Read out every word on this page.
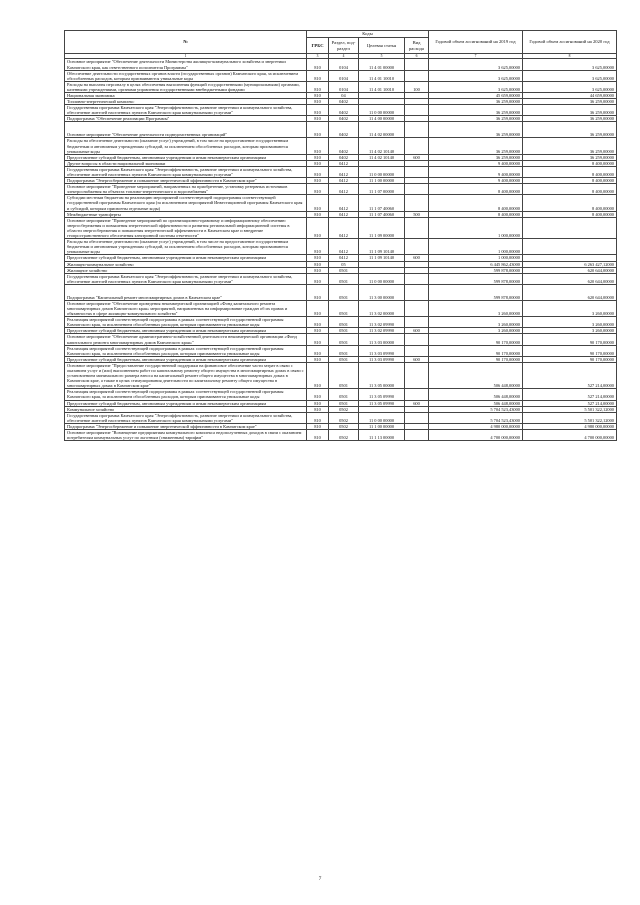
№	Коды				Годовой объем ассигнований на 2019 год	Годовой объем ассигнований на 2020 год
	ГРБС	Раздел, под-раздел	Целевая статья	Вид расхода		
1	3	4	5	6	7	8
Основное мероприятие "Обеспечение деятельности Министерства жилищно-коммунального хозяйства и энергетики Камчатского края, как ответственного исполнителя Программы"	810	0104	11 4 01 00000		3 625,00000	3 625,00000
Обеспечение деятельности государственных органов власти (государственных органов) Камчатского края, за исключением обособленных расходов, которым присваиваются уникальные коды	810	0104	11 4 01 10010		3 625,00000	3 625,00000
Расходы на выплаты персоналу в целях обеспечения выполнения функций государственными (муниципальными) органами, казенными учреждениями, органами управления государственными внебюджетными фондами	810	0104	11 4 01 10010	100	3 625,00000	3 625,00000
Национальная экономика	810	04			45 659,00000	44 659,00000
Топливно-энергетический комплекс	810	0402			36 259,00000	36 259,00000
Государственная программа Камчатского края "Энергоэффективность, развитие энергетики и коммунального хозяйства, обеспечение жителей населенных пунктов Камчатского края коммунальными услугами"	810	0402	11 0 00 00000		36 259,00000	36 259,00000
Подпрограмма "Обеспечение реализации Программы"	810	0402	11 4 00 00000		36 259,00000	36 259,00000
Основное мероприятие "Обеспечение деятельности подведомственных организаций"	810	0402	11 4 02 00000		36 259,00000	36 259,00000
Расходы на обеспечение деятельности (оказание услуг) учреждений, в том числе на предоставление государственным бюджетным и автономным учреждениям субсидий, за исключением обособленных расходов, которым присваиваются уникальные коды	810	0402	11 4 02 10140		36 259,00000	36 259,00000
Предоставление субсидий бюджетным, автономным учреждениям и иным некоммерческим организациям	810	0402	11 4 02 10140	600	36 259,00000	36 259,00000
Другие вопросы в области национальной экономики	810	0412			9 400,00000	8 400,00000
Государственная программа Камчатского края "Энергоэффективность, развитие энергетики и коммунального хозяйства, обеспечение жителей населенных пунктов Камчатского края коммунальными услугами"	810	0412	11 0 00 00000		9 400,00000	8 400,00000
Подпрограмма "Энергосбережение и повышение энергетической эффективности в Камчатском крае"	810	0412	11 1 00 00000		9 400,00000	8 400,00000
Основное мероприятие "Проведение мероприятий, направленных на приобретение, установку резервных источников электроснабжения на объектах топливо-энергетического и водоснабжения"	810	0412	11 1 07 00000		8 400,00000	8 400,00000
Субсидии местным бюджетам на реализацию мероприятий соответствующей подпрограммы соответствующей государственной программы Камчатского края (за исключением мероприятий Инвестиционной программы Камчатского края и субсидий, которым присвоены отдельные коды)	810	0412	11 1 07 40060		8 400,00000	8 400,00000
Межбюджетные трансферты	810	0412	11 1 07 40060	500	8 400,00000	8 400,00000
Основное мероприятие "Проведение мероприятий по организационно-правовому и информационному обеспечению энергосбережения и повышения энергетической эффективности и развития региональной информационной системы в области энергосбережения и повышения энергетической эффективности в Камчатском крае и внедрение геопространственного обеспечения электронной системы отчетности"	810	0412	11 1 09 00000		1 000,00000	
Расходы на обеспечение деятельности (оказание услуг) учреждений, в том числе на предоставление государственным бюджетным и автономным учреждениям субсидий, за исключением обособленных расходов, которым присваиваются уникальные коды	810	0412	11 1 09 10140		1 000,00000	
Предоставление субсидий бюджетным, автономным учреждениям и иным некоммерческим организациям	810	0412	11 1 09 10140	600	1 000,00000	
Жилищно-коммунальное хозяйство	810	05			6 445 862,43000	6 263 427,12000
Жилищное хозяйство	810	0501			599 878,00000	620 644,00000
Государственная программа Камчатского края "Энергоэффективность, развитие энергетики и коммунального хозяйства, обеспечение жителей населенных пунктов Камчатского края коммунальными услугами"	810	0501	11 0 00 00000		599 878,00000	620 644,00000
Подпрограмма "Капитальный ремонт многоквартирных домов в Камчатском крае"	810	0501	11 3 00 00000		599 878,00000	620 644,00000
Основное мероприятие "Обеспечение проведения некоммерческой организацией «Фонд капитального ремонта многоквартирных домов Камчатского края» мероприятий, направленных на информирование граждан об их правах и обязанностях в сфере жилищно-коммунального хозяйства"	810	0501	11 3 02 00000		3 260,00000	3 260,00000
Реализация мероприятий соответствующей подпрограммы в рамках соответствующей государственной программы Камчатского края, за исключением обособленных расходов, которым присваиваются уникальные коды	810	0501	11 3 02 09990		3 260,00000	3 260,00000
Предоставление субсидий бюджетным, автономным учреждениям и иным некоммерческим организациям	810	0501	11 3 02 09990	600	3 260,00000	3 260,00000
Основное мероприятие "Обеспечение административно-хозяйственной деятельности некоммерческой организации «Фонд капитального ремонта многоквартирных домов Камчатского края»"	810	0501	11 3 03 00000		90 170,00000	90 170,00000
Реализация мероприятий соответствующей подпрограммы в рамках соответствующей государственной программы Камчатского края, за исключением обособленных расходов, которым присваиваются уникальные коды	810	0501	11 3 03 09990		90 170,00000	90 170,00000
Предоставление субсидий бюджетным, автономным учреждениям и иным некоммерческим организациям	810	0501	11 3 03 09990	600	90 170,00000	90 170,00000
Основное мероприятие "Предоставление государственной поддержки на финансовое обеспечение части затрат в связи с оказанием услуг и (или) выполнением работ по капитальному ремонту общего имущества в многоквартирных домах в связи с установлением минимального размера взноса на капитальный ремонт общего имущества в многоквартирных домах в Камчатском крае, а также в целях стимулирования деятельности по капитальному ремонту общего имущества в многоквартирных домах в Камчатском крае"	810	0501	11 3 05 00000		506 448,00000	527 214,00000
Реализация мероприятий соответствующей подпрограммы в рамках соответствующей государственной программы Камчатского края, за исключением обособленных расходов, которым присваиваются уникальные коды	810	0501	11 3 05 09990		506 448,00000	527 214,00000
Предоставление субсидий бюджетным, автономным учреждениям и иным некоммерческим организациям	810	0501	11 3 05 09990	600	506 448,00000	527 214,00000
Коммунальное хозяйство	810	0502			5 704 523,43000	5 501 322,12000
Государственная программа Камчатского края "Энергоэффективность, развитие энергетики и коммунального хозяйства, обеспечение жителей населенных пунктов Камчатского края коммунальными услугами"	810	0502	11 0 00 00000		5 704 523,43000	5 501 322,12000
Подпрограмма "Энергосбережение и повышение энергетической эффективности в Камчатском крае"	810	0502	11 1 00 00000		4 980 000,00000	4 980 000,00000
Основное мероприятие "Возмещение предприятиям коммунального комплекса недополученных доходов в связи с оказанием потребителям коммунальных услуг по льготным (сниженным) тарифам"	810	0502	11 1 13 00000		4 700 000,00000	4 700 000,00000
7
